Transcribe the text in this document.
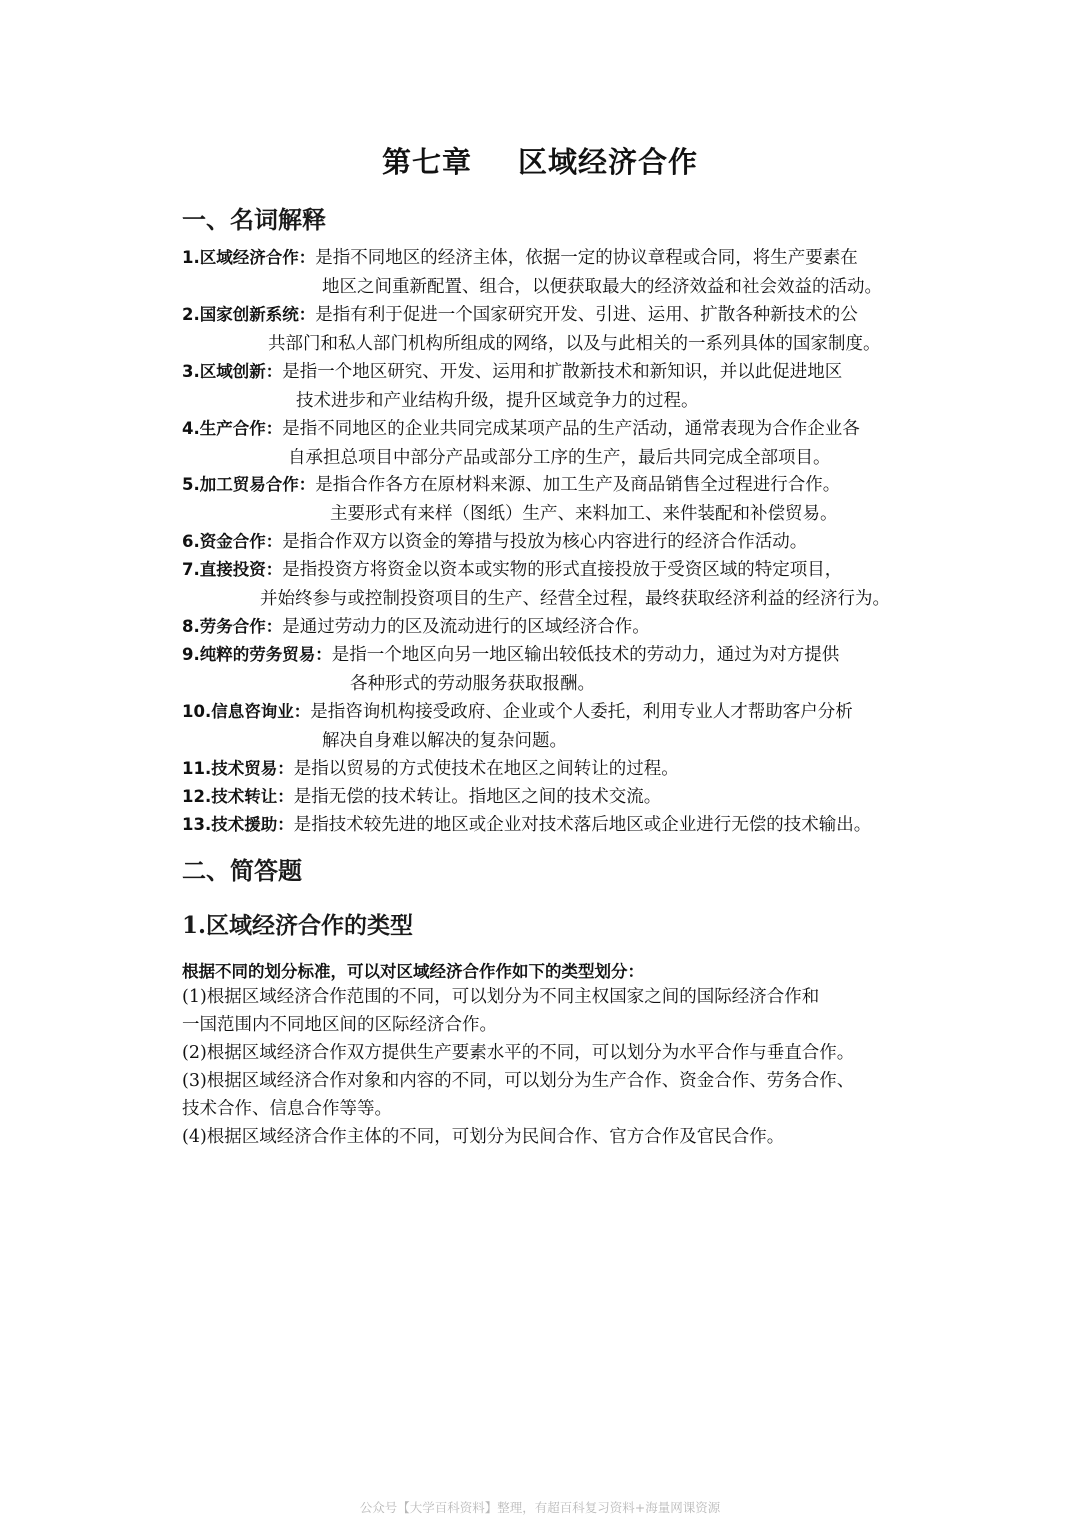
第七章 区域经济合作
一、名词解释
1.区域经济合作：是指不同地区的经济主体，依据一定的协议章程或合同，将生产要素在
地区之间重新配置、组合，以便获取最大的经济效益和社会效益的活动。
2.国家创新系统：是指有利于促进一个国家研究开发、引进、运用、扩散各种新技术的公
共部门和私人部门机构所组成的网络，以及与此相关的一系列具体的国家制度。
3.区域创新：是指一个地区研究、开发、运用和扩散新技术和新知识，并以此促进地区
技术进步和产业结构升级，提升区域竞争力的过程。
4.生产合作：是指不同地区的企业共同完成某项产品的生产活动，通常表现为合作企业各
自承担总项目中部分产品或部分工序的生产，最后共同完成全部项目。
5.加工贸易合作：是指合作各方在原材料来源、加工生产及商品销售全过程进行合作。
主要形式有来样（图纸）生产、来料加工、来件装配和补偿贸易。
6.资金合作：是指合作双方以资金的筹措与投放为核心内容进行的经济合作活动。
7.直接投资：是指投资方将资金以资本或实物的形式直接投放于受资区域的特定项目，
并始终参与或控制投资项目的生产、经营全过程，最终获取经济利益的经济行为。
8.劳务合作：是通过劳动力的区及流动进行的区域经济合作。
9.纯粹的劳务贸易：是指一个地区向另一地区输出较低技术的劳动力，通过为对方提供
各种形式的劳动服务获取报酬。
10.信息咨询业：是指咨询机构接受政府、企业或个人委托，利用专业人才帮助客户分析
解决自身难以解决的复杂问题。
11.技术贸易：是指以贸易的方式使技术在地区之间转让的过程。
12.技术转让：是指无偿的技术转让。指地区之间的技术交流。
13.技术援助：是指技术较先进的地区或企业对技术落后地区或企业进行无偿的技术输出。
二、简答题
1.区域经济合作的类型
根据不同的划分标准，可以对区域经济合作作如下的类型划分：
(1)根据区域经济合作范围的不同，可以划分为不同主权国家之间的国际经济合作和
一国范围内不同地区间的区际经济合作。
(2)根据区域经济合作双方提供生产要素水平的不同，可以划分为水平合作与垂直合作。
(3)根据区域经济合作对象和内容的不同，可以划分为生产合作、资金合作、劳务合作、
技术合作、信息合作等等。
(4)根据区域经济合作主体的不同，可划分为民间合作、官方合作及官民合作。
公众号【大学百科资料】整理，有超百科复习资料+海量网课资源
